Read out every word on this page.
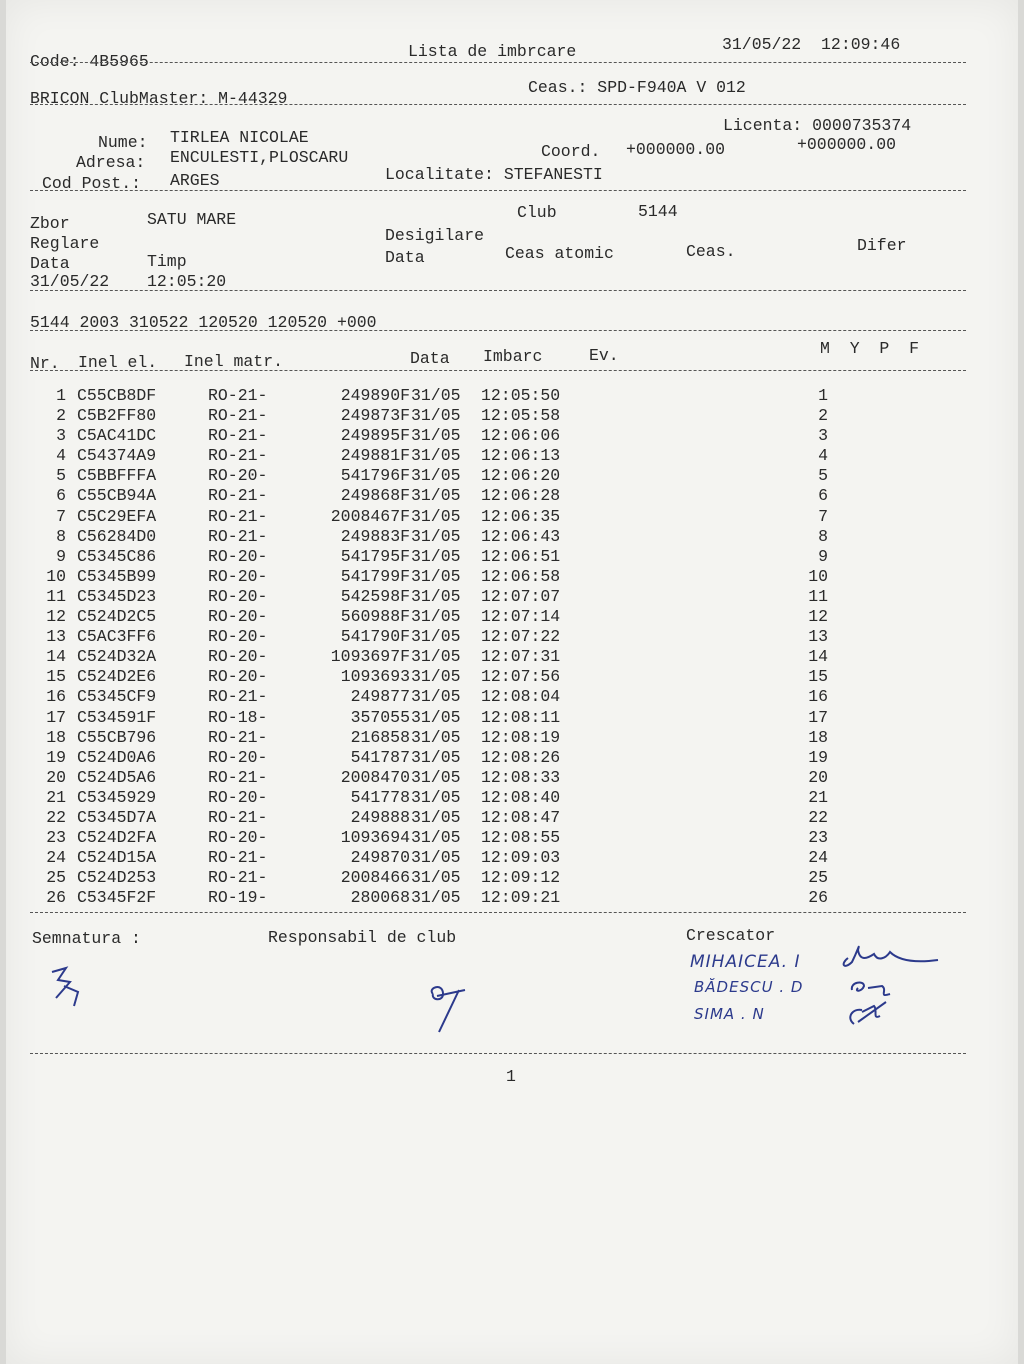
Code: 4B5965
Lista de imbrcare	31/05/22  12:09:46
BRICON ClubMaster: M-44329
Ceas.: SPD-F940A V 012
Nume: TIRLEA NICOLAE
Adresa: ENCULESTI,PLOSCARU
Cod Post.: ARGES
Licenta: 0000735374
Coord. +000000.00	+000000.00
Localitate: STEFANESTI
Zbor	SATU MARE	Club	5144
Reglare	Desigilare
Data	Timp	Data	Ceas atomic	Ceas.	Difer
31/05/22 12:05:20
5144 2003 310522 120520 120520 +000
Nr. Inel el. Inel matr.	Data Imbarc	Ev.	M  Y  P  F
1 C55CB8DF	RO-21-	249890F 31/05 12:05:50	1
2 C5B2FF80	RO-21-	249873F 31/05 12:05:58	2
3 C5AC41DC	RO-21-	249895F 31/05 12:06:06	3
4 C54374A9	RO-21-	249881F 31/05 12:06:13	4
5 C5BBFFFA	RO-20-	541796F 31/05 12:06:20	5
6 C55CB94A	RO-21-	249868F 31/05 12:06:28	6
7 C5C29EFA	RO-21-	2008467F 31/05 12:06:35	7
8 C56284D0	RO-21-	249883F 31/05 12:06:43	8
9 C5345C86	RO-20-	541795F 31/05 12:06:51	9
10 C5345B99	RO-20-	541799F 31/05 12:06:58	10
11 C5345D23	RO-20-	542598F 31/05 12:07:07	11
12 C524D2C5	RO-20-	560988F 31/05 12:07:14	12
13 C5AC3FF6	RO-20-	541790F 31/05 12:07:22	13
14 C524D32A	RO-20-	1093697F 31/05 12:07:31	14
15 C524D2E6	RO-20-	1093693 31/05 12:07:56	15
16 C5345CF9	RO-21-	249877 31/05 12:08:04	16
17 C534591F	RO-18-	357055 31/05 12:08:11	17
18 C55CB796	RO-21-	216858 31/05 12:08:19	18
19 C524D0A6	RO-20-	541787 31/05 12:08:26	19
20 C524D5A6	RO-21-	2008470 31/05 12:08:33	20
21 C5345929	RO-20-	541778 31/05 12:08:40	21
22 C5345D7A	RO-21-	249888 31/05 12:08:47	22
23 C524D2FA	RO-20-	1093694 31/05 12:08:55	23
24 C524D15A	RO-21-	249870 31/05 12:09:03	24
25 C524D253	RO-21-	2008466 31/05 12:09:12	25
26 C5345F2F	RO-19-	280068 31/05 12:09:21	26
Semnatura :	Responsabil de club	Crescator
MIHAICEA. I
BĂDESCU . D
SIMA . N
1
